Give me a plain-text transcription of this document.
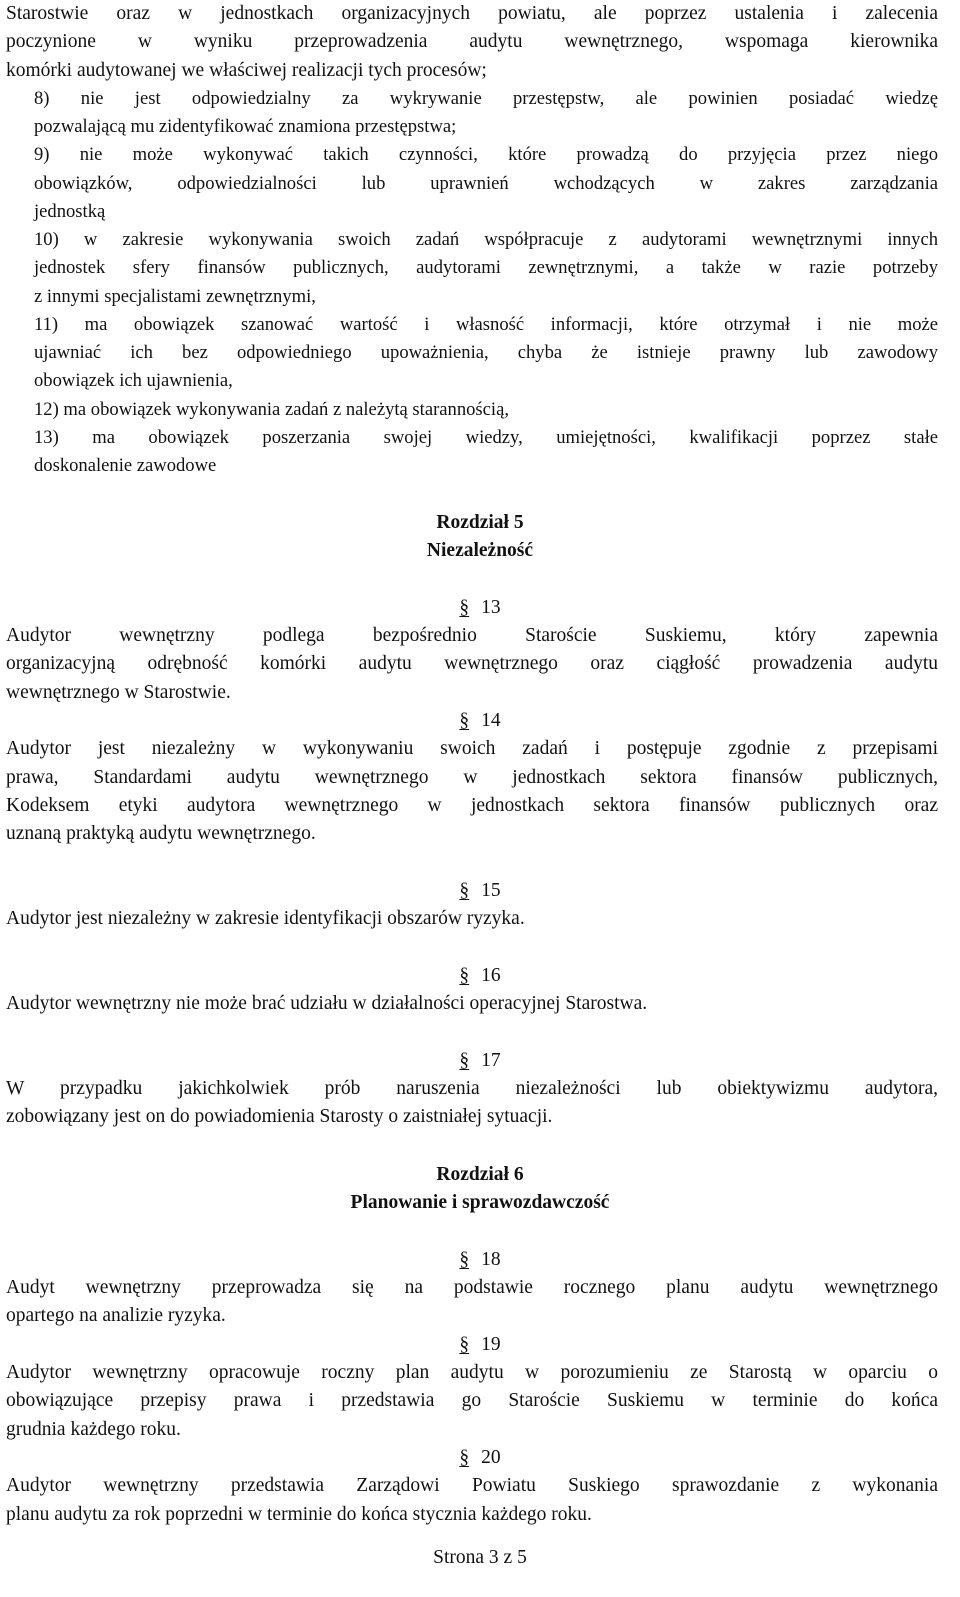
Starostwie oraz w jednostkach organizacyjnych powiatu, ale poprzez ustalenia i zalecenia
poczynione w wyniku przeprowadzenia audytu wewnętrznego, wspomaga kierownika
komórki audytowanej we właściwej realizacji tych procesów;
8) nie jest odpowiedzialny za wykrywanie przestępstw, ale powinien posiadać wiedzę
pozwalającą mu zidentyfikować znamiona przestępstwa;
9) nie może wykonywać takich czynności, które prowadzą do przyjęcia przez niego
obowiązków, odpowiedzialności lub uprawnień wchodzących w zakres zarządzania
jednostką
10) w zakresie wykonywania swoich zadań współpracuje z audytorami wewnętrznymi innych
jednostek sfery finansów publicznych, audytorami zewnętrznymi, a także w razie potrzeby
z innymi specjalistami zewnętrznymi,
11) ma obowiązek szanować wartość i własność informacji, które otrzymał i nie może
ujawniać ich bez odpowiedniego upoważnienia, chyba że istnieje prawny lub zawodowy
obowiązek ich ujawnienia,
12) ma obowiązek wykonywania zadań z należytą starannością,
13) ma obowiązek poszerzania swojej wiedzy, umiejętności, kwalifikacji poprzez stałe
doskonalenie zawodowe
Rozdział 5
Niezależność
§ 13
Audytor wewnętrzny podlega bezpośrednio Staroście Suskiemu, który zapewnia
organizacyjną odrębność komórki audytu wewnętrznego oraz ciągłość prowadzenia audytu
wewnętrznego w Starostwie.
§ 14
Audytor jest niezależny w wykonywaniu swoich zadań i postępuje zgodnie z przepisami
prawa, Standardami audytu wewnętrznego w jednostkach sektora finansów publicznych,
Kodeksem etyki audytora wewnętrznego w jednostkach sektora finansów publicznych oraz
uznaną praktyką audytu wewnętrznego.
§ 15
Audytor jest niezależny w zakresie identyfikacji obszarów ryzyka.
§ 16
Audytor wewnętrzny nie może brać udziału w działalności operacyjnej Starostwa.
§ 17
W przypadku jakichkolwiek prób naruszenia niezależności lub obiektywizmu audytora,
zobowiązany jest on do powiadomienia Starosty o zaistniałej sytuacji.
Rozdział 6
Planowanie i sprawozdawczość
§ 18
Audyt wewnętrzny przeprowadza się na podstawie rocznego planu audytu wewnętrznego
opartego na analizie ryzyka.
§ 19
Audytor wewnętrzny opracowuje roczny plan audytu w porozumieniu ze Starostą w oparciu o
obowiązujące przepisy prawa i przedstawia go Staroście Suskiemu w terminie do końca
grudnia każdego roku.
§ 20
Audytor wewnętrzny przedstawia Zarządowi Powiatu Suskiego sprawozdanie z wykonania
planu audytu za rok poprzedni w terminie do końca stycznia każdego roku.
Strona 3 z 5
